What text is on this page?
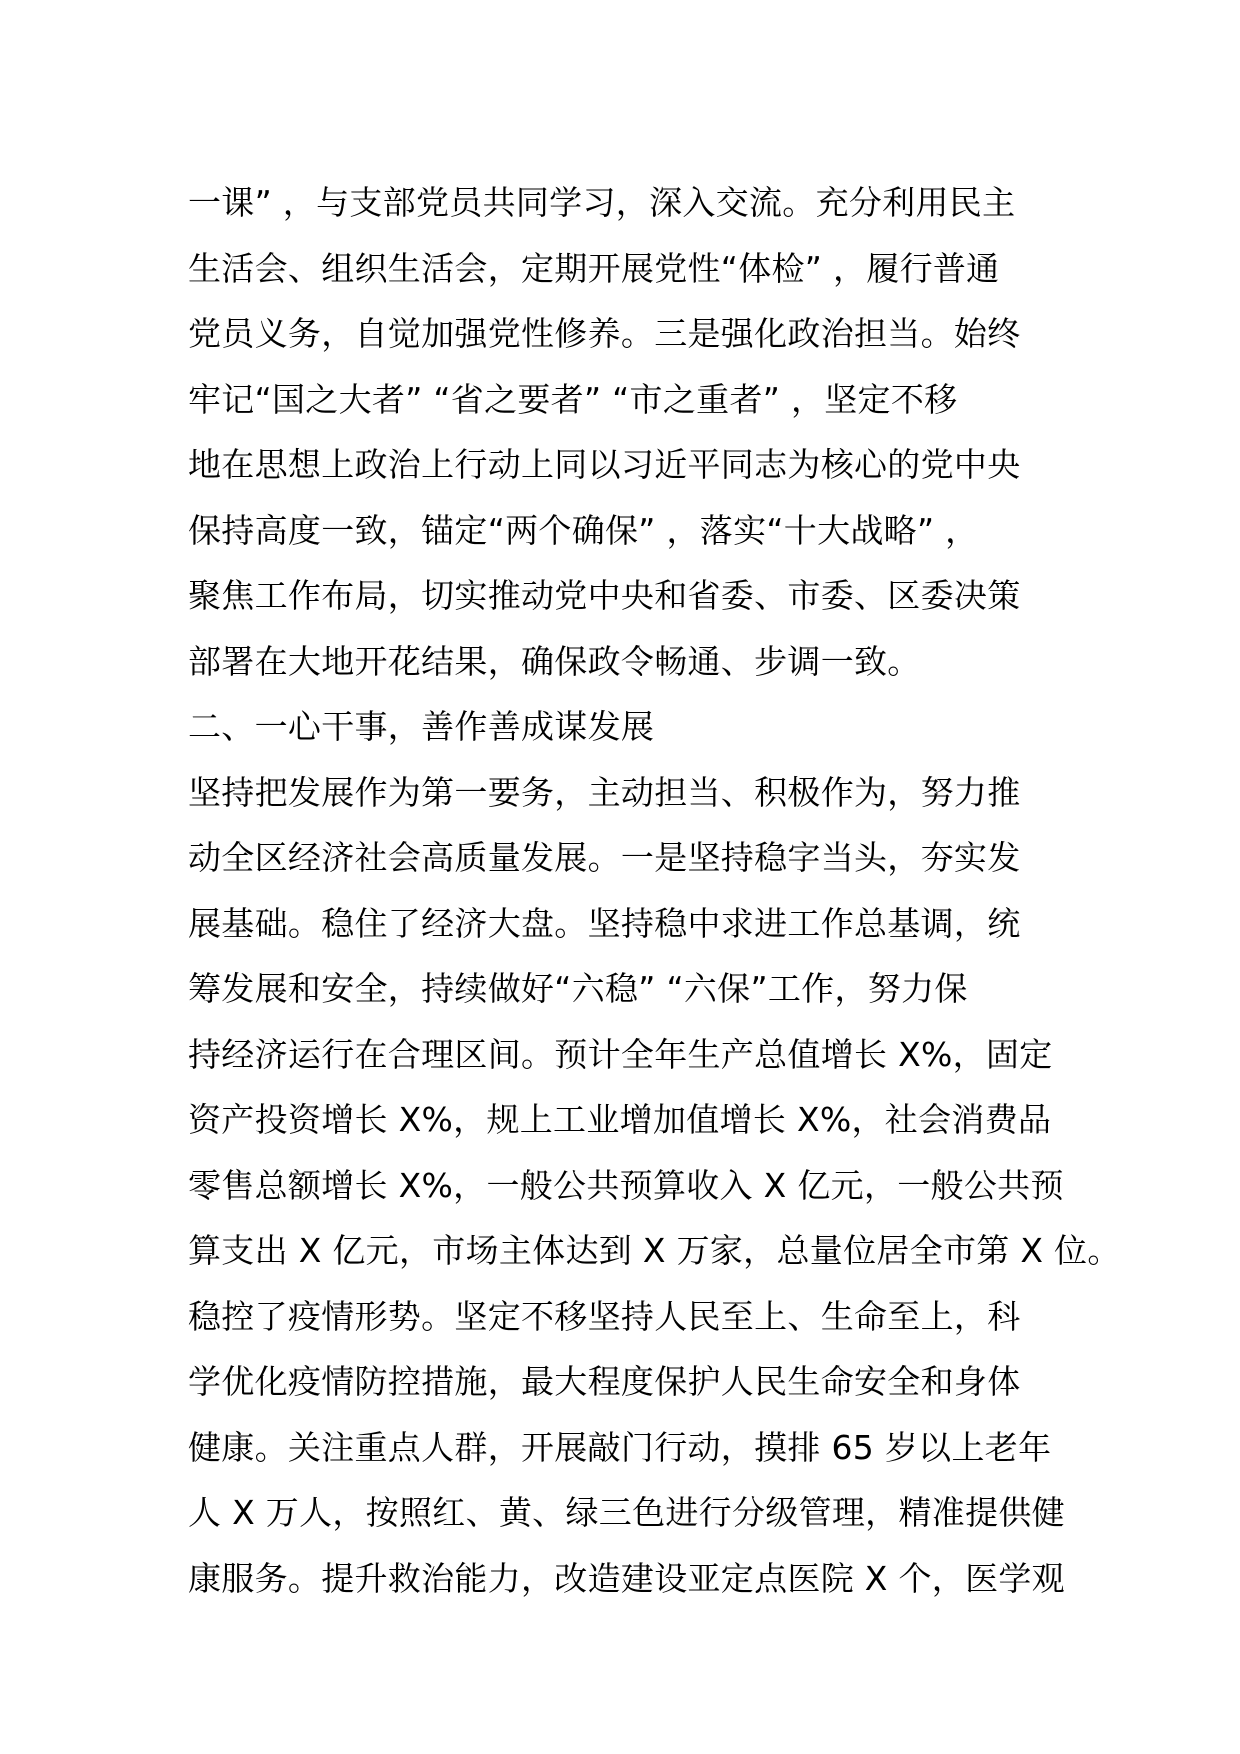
一课” ，与支部党员共同学习，深入交流。充分利用民主
生活会、组织生活会，定期开展党性“体检” ，履行普通
党员义务，自觉加强党性修养。三是强化政治担当。始终
牢记“国之大者” “省之要者” “市之重者” ，坚定不移
地在思想上政治上行动上同以习近平同志为核心的党中央
保持高度一致，锚定“两个确保” ，落实“十大战略” ，
聚焦工作布局，切实推动党中央和省委、市委、区委决策
部署在大地开花结果，确保政令畅通、步调一致。
二、一心干事，善作善成谋发展
坚持把发展作为第一要务，主动担当、积极作为，努力推
动全区经济社会高质量发展。一是坚持稳字当头，夯实发
展基础。稳住了经济大盘。坚持稳中求进工作总基调，统
筹发展和安全，持续做好“六稳” “六保”工作，努力保
持经济运行在合理区间。预计全年生产总值增长 X%，固定
资产投资增长 X%，规上工业增加值增长 X%，社会消费品
零售总额增长 X%，一般公共预算收入 X 亿元，一般公共预
算支出 X 亿元，市场主体达到 X 万家，总量位居全市第 X 位。
稳控了疫情形势。坚定不移坚持人民至上、生命至上，科
学优化疫情防控措施，最大程度保护人民生命安全和身体
健康。关注重点人群，开展敲门行动，摸排 65 岁以上老年
人 X 万人，按照红、黄、绿三色进行分级管理，精准提供健
康服务。提升救治能力，改造建设亚定点医院 X 个，医学观
